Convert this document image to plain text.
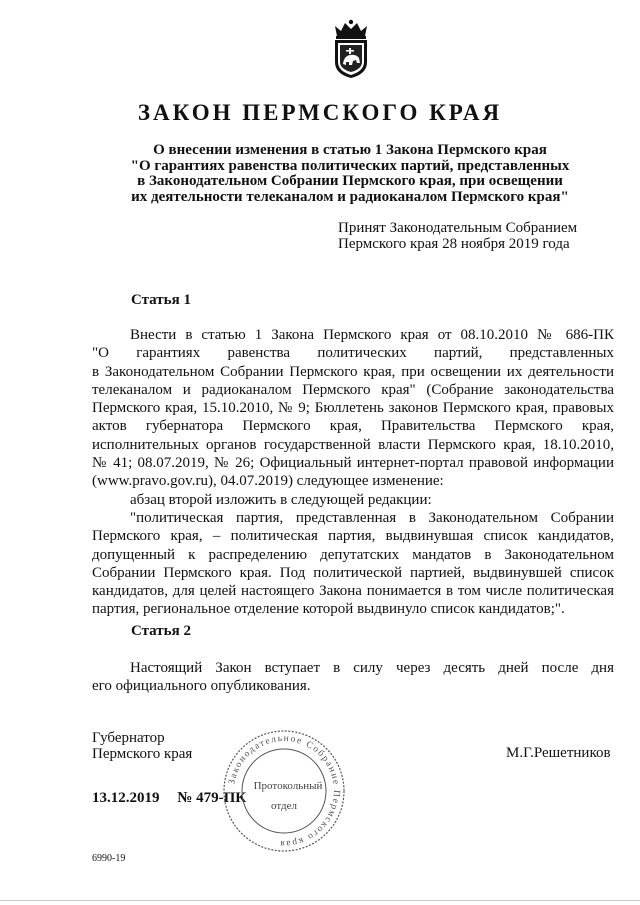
ЗАКОН ПЕРМСКОГО КРАЯ
О внесении изменения в статью 1 Закона Пермского края
"О гарантиях равенства политических партий, представленных
в Законодательном Собрании Пермского края, при освещении
их деятельности телеканалом и радиоканалом Пермского края"
Принят Законодательным Собранием
Пермского края 28 ноября 2019 года
Статья 1
Внести в статью 1 Закона Пермского края от 08.10.2010 № 686-ПК
"О гарантиях равенства политических партий, представленных
в Законодательном Собрании Пермского края, при освещении их деятельности
телеканалом и радиоканалом Пермского края" (Собрание законодательства
Пермского края, 15.10.2010, № 9; Бюллетень законов Пермского края, правовых
актов губернатора Пермского края, Правительства Пермского края,
исполнительных органов государственной власти Пермского края, 18.10.2010,
№ 41; 08.07.2019, № 26; Официальный интернет-портал правовой информации
(www.pravo.gov.ru), 04.07.2019) следующее изменение:
абзац второй изложить в следующей редакции:
"политическая партия, представленная в Законодательном Собрании
Пермского края, – политическая партия, выдвинувшая список кандидатов,
допущенный к распределению депутатских мандатов в Законодательном
Собрании Пермского края. Под политической партией, выдвинувшей список
кандидатов, для целей настоящего Закона понимается в том числе политическая
партия, региональное отделение которой выдвинуло список кандидатов;".
Статья 2
Настоящий Закон вступает в силу через десять дней после дня
его официального опубликования.
Губернатор
Пермского края	М.Г.Решетников
13.12.2019 № 479-ПК
Законодательное Собрание Пермского края
Протокольный
отдел
6990-19
